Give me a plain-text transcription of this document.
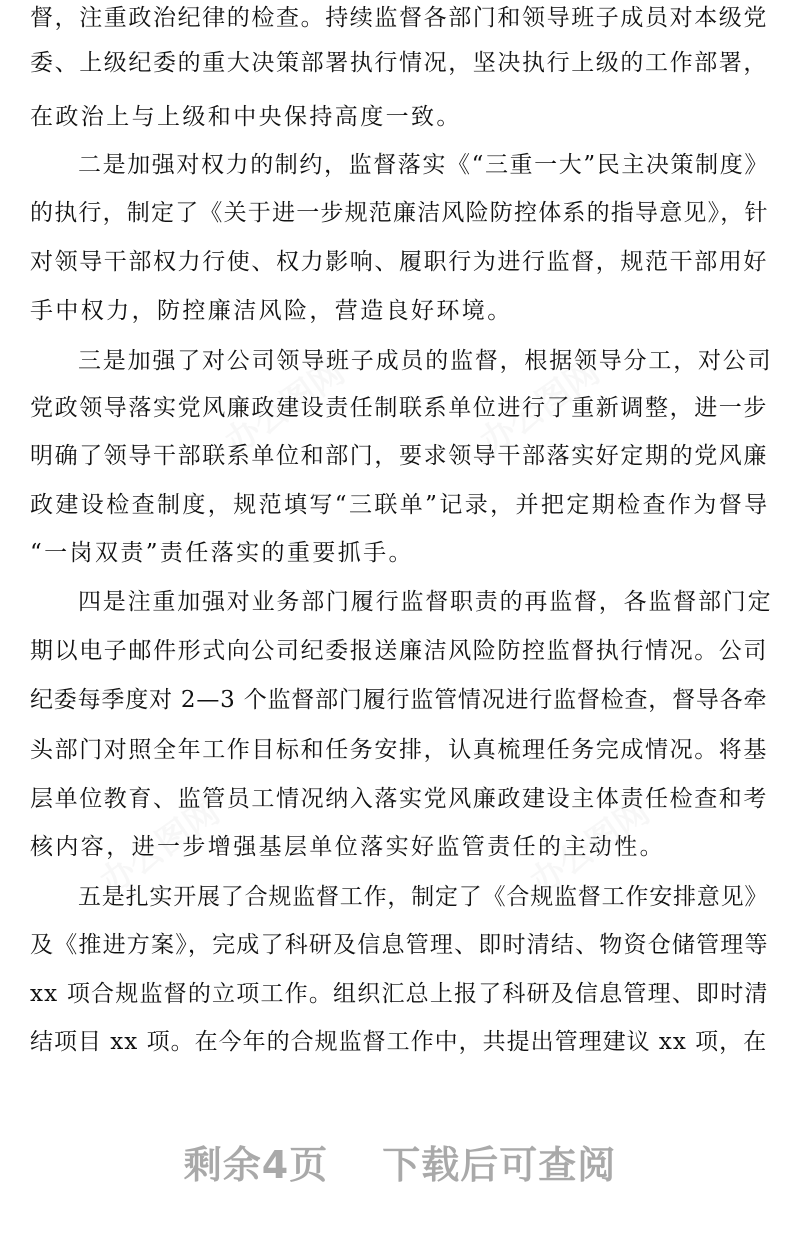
办公图网	办公图网
办公图网	办公图网
督，注重政治纪律的检查。持续监督各部门和领导班子成员对本级党
委、上级纪委的重大决策部署执行情况，坚决执行上级的工作部署，
在政治上与上级和中央保持高度一致。
二是加强对权力的制约，监督落实《“三重一大”民主决策制度》
的执行，制定了《关于进一步规范廉洁风险防控体系的指导意见》，针
对领导干部权力行使、权力影响、履职行为进行监督，规范干部用好
手中权力，防控廉洁风险，营造良好环境。
三是加强了对公司领导班子成员的监督，根据领导分工，对公司
党政领导落实党风廉政建设责任制联系单位进行了重新调整，进一步
明确了领导干部联系单位和部门，要求领导干部落实好定期的党风廉
政建设检查制度，规范填写“三联单”记录，并把定期检查作为督导
“一岗双责”责任落实的重要抓手。
四是注重加强对业务部门履行监督职责的再监督，各监督部门定
期以电子邮件形式向公司纪委报送廉洁风险防控监督执行情况。公司
纪委每季度对 2—3 个监督部门履行监管情况进行监督检查，督导各牵
头部门对照全年工作目标和任务安排，认真梳理任务完成情况。将基
层单位教育、监管员工情况纳入落实党风廉政建设主体责任检查和考
核内容，进一步增强基层单位落实好监管责任的主动性。
五是扎实开展了合规监督工作，制定了《合规监督工作安排意见》
及《推进方案》，完成了科研及信息管理、即时清结、物资仓储管理等
xx 项合规监督的立项工作。组织汇总上报了科研及信息管理、即时清
结项目 xx 项。在今年的合规监督工作中，共提出管理建议 xx 项，在
剩余4页 下载后可查阅
